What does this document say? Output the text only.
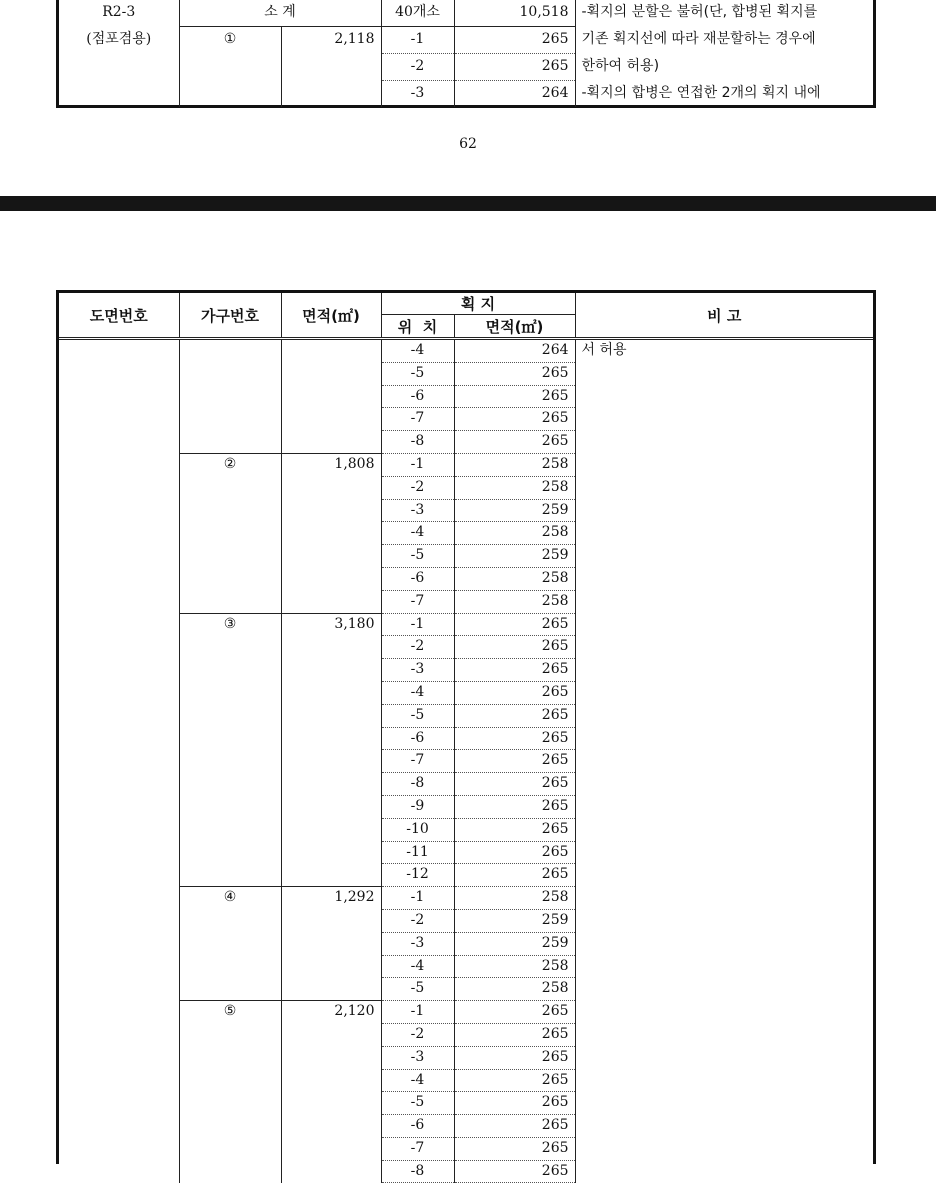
R2-3	소 계		40개소	10,518	-획지의 분할은 불허(단, 합병된 획지를
(점포겸용)	①	2,118	-1	265	기존 획지선에 따라 재분할하는 경우에
			-2	265	한하여 허용)
			-3	264	-획지의 합병은 연접한 2개의 획지 내에
62
도면번호	가구번호	면적(㎡)	획 지		비 고
			위  치	면적(㎡)	
			-4	264	서 허용
			-5	265	
			-6	265	
			-7	265	
			-8	265	
	②	1,808	-1	258	
			-2	258	
			-3	259	
			-4	258	
			-5	259	
			-6	258	
			-7	258	
	③	3,180	-1	265	
			-2	265	
			-3	265	
			-4	265	
			-5	265	
			-6	265	
			-7	265	
			-8	265	
			-9	265	
			-10	265	
			-11	265	
			-12	265	
	④	1,292	-1	258	
			-2	259	
			-3	259	
			-4	258	
			-5	258	
	⑤	2,120	-1	265	
			-2	265	
			-3	265	
			-4	265	
			-5	265	
			-6	265	
			-7	265	
			-8	265	
